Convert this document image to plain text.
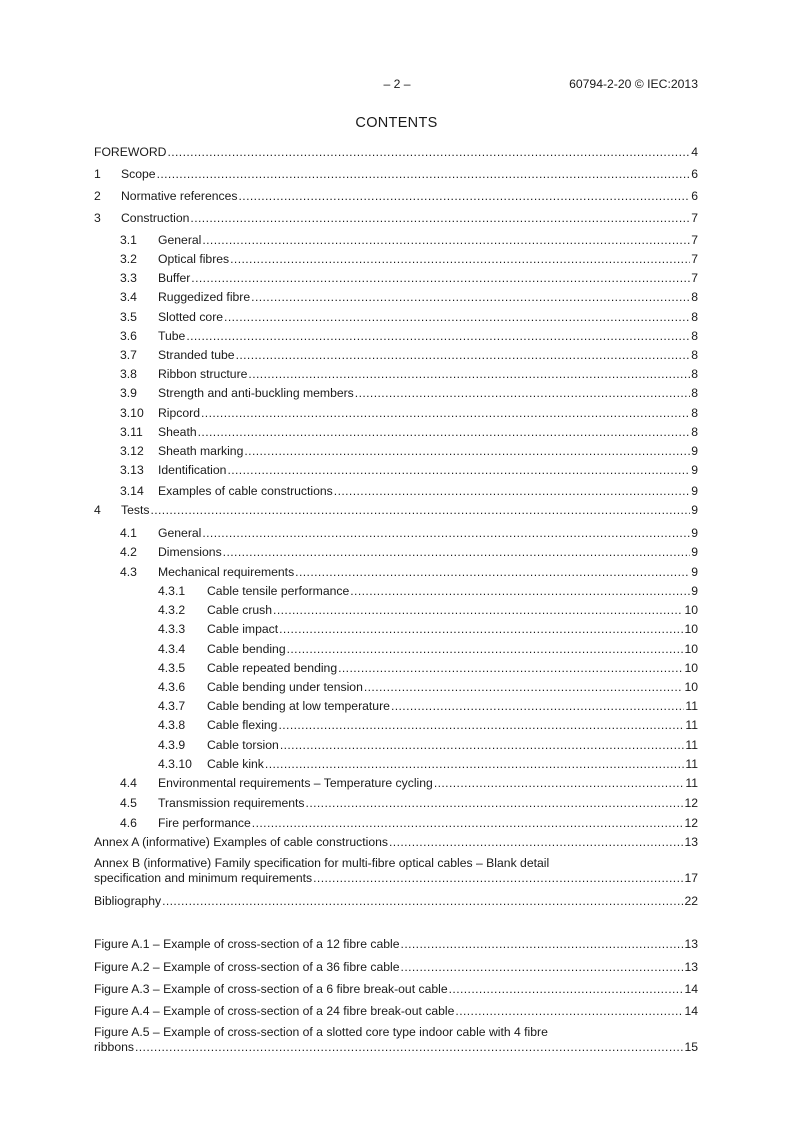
– 2 –	60794-2-20 © IEC:2013
CONTENTS
FOREWORD .....	4
1	Scope .....	6
2	Normative references .....	6
3	Construction .....	7
3.1	General .....	7
3.2	Optical fibres .....	7
3.3	Buffer .....	7
3.4	Ruggedized fibre .....	8
3.5	Slotted core .....	8
3.6	Tube .....	8
3.7	Stranded tube .....	8
3.8	Ribbon structure .....	8
3.9	Strength and anti-buckling members .....	8
3.10	Ripcord .....	8
3.11	Sheath .....	8
3.12	Sheath marking .....	9
3.13	Identification .....	9
3.14	Examples of cable constructions .....	9
4	Tests .....	9
4.1	General .....	9
4.2	Dimensions .....	9
4.3	Mechanical requirements .....	9
4.3.1	Cable tensile performance .....	9
4.3.2	Cable crush .....	10
4.3.3	Cable impact .....	10
4.3.4	Cable bending .....	10
4.3.5	Cable repeated bending .....	10
4.3.6	Cable bending under tension .....	10
4.3.7	Cable bending at low temperature .....	11
4.3.8	Cable flexing .....	11
4.3.9	Cable torsion .....	11
4.3.10	Cable kink .....	11
4.4	Environmental requirements – Temperature cycling .....	11
4.5	Transmission requirements .....	12
4.6	Fire performance .....	12
Annex A (informative) Examples of cable constructions .....	13
Annex B (informative) Family specification for multi-fibre optical cables – Blank detail
specification and minimum requirements .....	17
Bibliography .....	22
Figure A.1 – Example of cross-section of a 12 fibre cable .....	13
Figure A.2 – Example of cross-section of a 36 fibre cable .....	13
Figure A.3 – Example of cross-section of a 6 fibre break-out cable .....	14
Figure A.4 – Example of cross-section of a 24 fibre break-out cable .....	14
Figure A.5 – Example of cross-section of a slotted core type indoor cable with 4 fibre
ribbons .....	15
